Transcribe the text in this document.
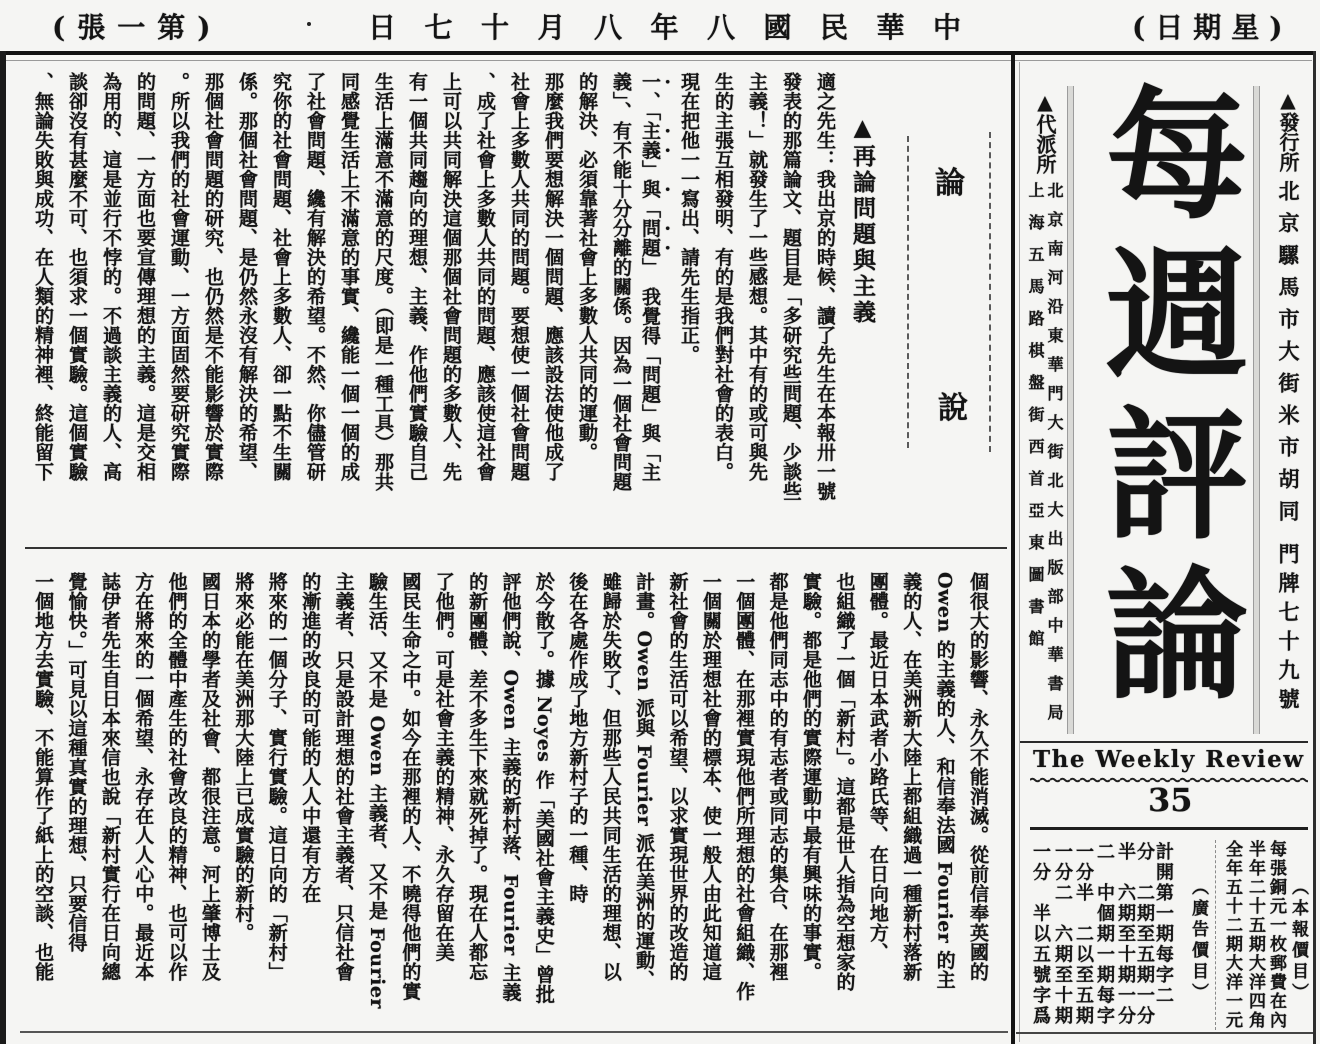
(第一張)	中華民國八年八月十七日	(星期日)
論
說
▲再論問題與主義
適之先生：我出京的時候、讀了先生在本報卅一號
發表的那篇論文、題目是「多研究些問題、少談些
主義！」就發生了一些感想。其中有的或可與先
生的主張互相發明、有的是我們對社會的表白。
現在把他一一寫出、請先生指正。
一、「主義」與「問題」　我覺得「問題」與「主
義」、有不能十分分離的關係。因為一個社會問題
的解決、必須靠著社會上多數人共同的運動。
那麼我們要想解決一個問題、應該設法使他成了
社會上多數人共同的問題。要想使一個社會問題
、成了社會上多數人共同的問題、應該使這社會
上可以共同解決這個那個社會問題的多數人、先
有一個共同趨向的理想、主義、作他們實驗自己
生活上滿意不滿意的尺度。（即是一種工具）那共
同感覺生活上不滿意的事實、纔能一個一個的成
了社會問題、纔有解決的希望。不然、你儘管研
究你的社會問題、社會上多數人、卻一點不生關
係。那個社會問題、是仍然永沒有解決的希望、
那個社會問題的研究、也仍然是不能影響於實際
。所以我們的社會運動、一方面固然要研究實際
的問題、一方面也要宣傳理想的主義。這是交相
為用的、這是並行不悖的。不過談主義的人、高
談卻沒有甚麼不可、也須求一個實驗。這個實驗
、無論失敗與成功、在人類的精神裡、終能留下
個很大的影響、永久不能消滅。從前信奉英國的
Owen 的主義的人、和信奉法國 Fourier 的主
義的人、在美洲新大陸上都組織過一種新村落新
團體。最近日本武者小路氏等、在日向地方、
也組織了一個「新村」。這都是世人指為空想家的
實驗。都是他們的實際運動中最有興味的事實。
都是他們同志中的有志者或同志的集合、在那裡
一個團體、在那裡實現他們所理想的社會組織、作
一個關於理想社會的標本、使一般人由此知道這
新社會的生活可以希望、以求實現世界的改造的
計畫。Owen 派與 Fourier 派在美洲的運動、
雖歸於失敗了、但那些人民共同生活的理想、以
後在各處作成了地方新村子的一種、時
於今散了。據 Noyes 作「美國社會主義史」曾批
評他們說、Owen 主義的新村落、Fourier 主義
的新團體、差不多生下來就死掉了。現在人都忘
了他們。可是社會主義的精神、永久存留在美
國民生命之中。如今在那裡的人、不曉得他們的實
驗生活、又不是 Owen 主義者、又不是 Fourier
主義者、只是設計理想的社會主義者、只信社會
的漸進的改良的可能的人人中還有方在
將來的一個分子、實行實驗。這日向的「新村」
將來必能在美洲那大陸上已成實驗的新村。
國日本的學者及社會、都很注意。河上肇博士及
他們的全體中產生的社會改良的精神、也可以作
方在將來的一個希望、永存在人人心中。最近本
誌伊者先生自日本來信也說「新村實行在日向總
覺愉快。」可見以這種真實的理想、只要信得
一個地方去實驗、不能算作了紙上的空談、也能
每週評論 ▲發行所
北京騾馬市大街米市胡同
門牌七十九號
▲代派所
北京南河沿東華門大街北大出版部中華書局
上海五馬路棋盤街西首亞東圖書館
The Weekly Review
35
（本報價目）
每張銅元一枚郵費在內
半年二十五期大洋四角
全年五十二期大洋一元
（廣告價目）
計開第一期每字二
分　二期至五期一分
半　六期至十期一分
二　中個期一期每字
一分半　二以至五期
一分二　六期至十期
一分　半以五號字爲
